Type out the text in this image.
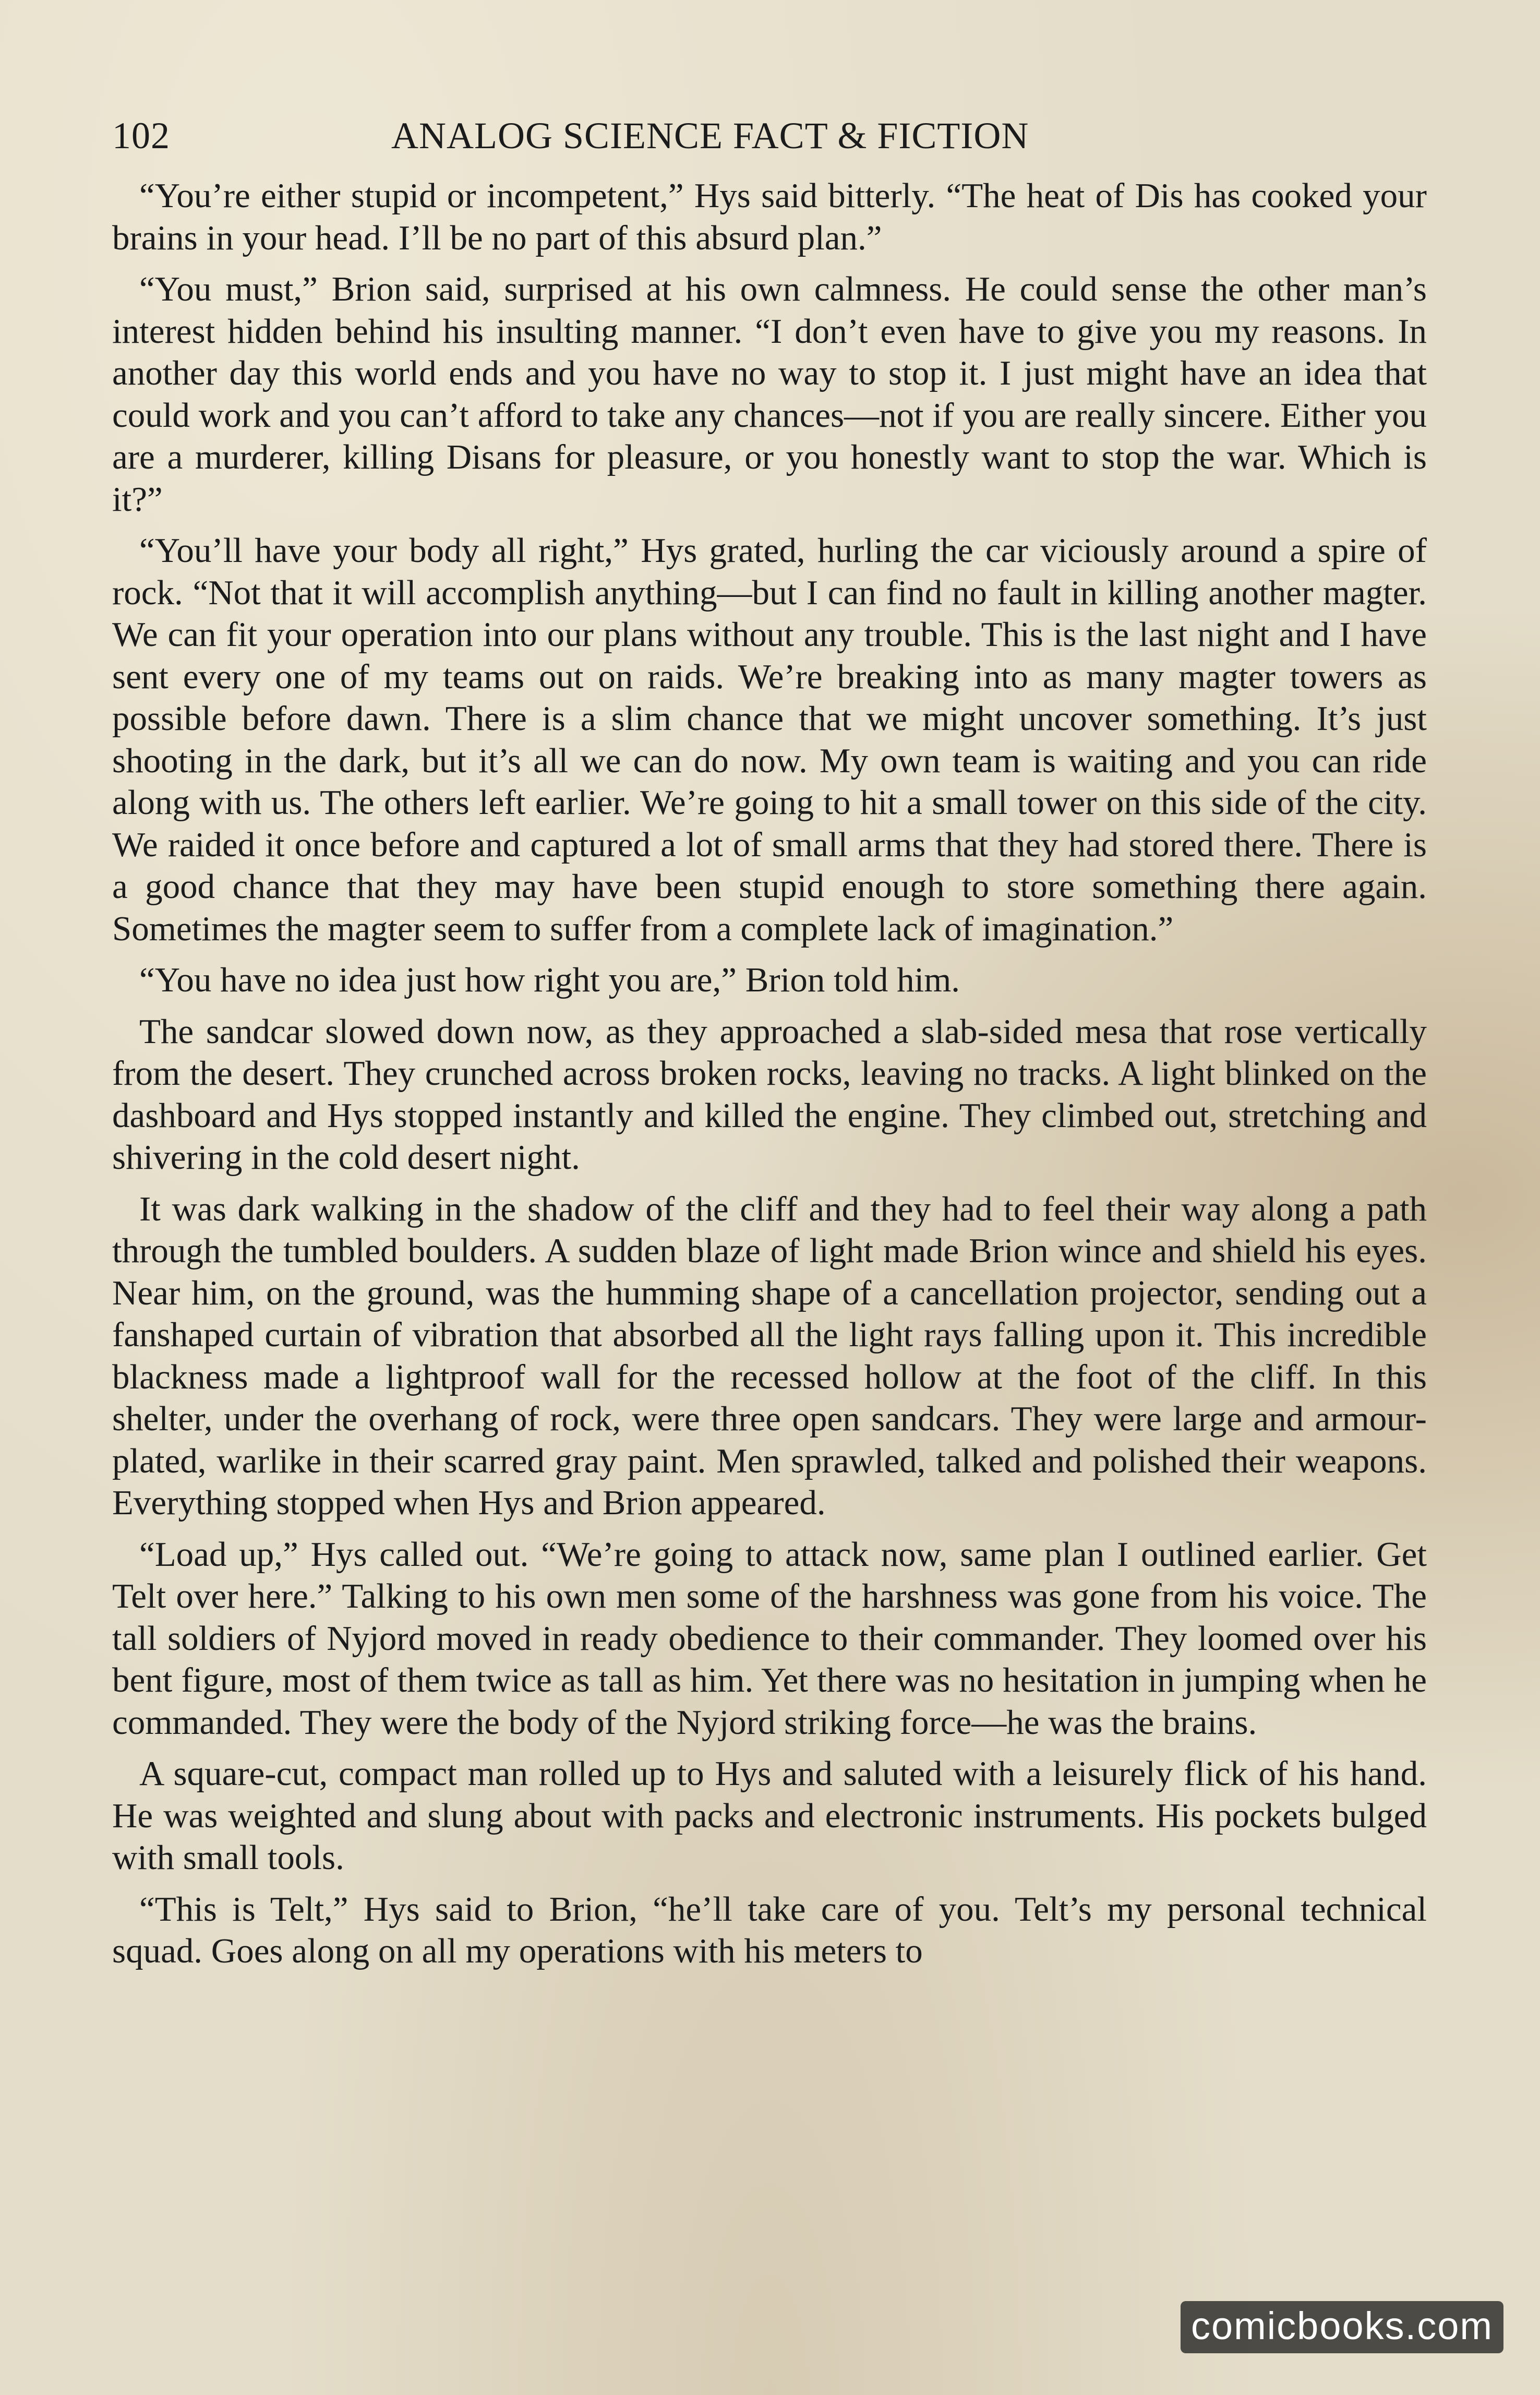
102	ANALOG SCIENCE FACT & FICTION

“You’re either stupid or incompetent,” Hys said bitterly. “The heat of Dis has cooked your brains in your head. I’ll be no part of this absurd plan.”

“You must,” Brion said, surprised at his own calmness. He could sense the other man’s interest hidden behind his insulting manner. “I don’t even have to give you my reasons. In another day this world ends and you have no way to stop it. I just might have an idea that could work and you can’t afford to take any chances—not if you are really sincere. Either you are a murderer, killing Disans for pleasure, or you honestly want to stop the war. Which is it?”

“You’ll have your body all right,” Hys grated, hurling the car viciously around a spire of rock. “Not that it will accomplish anything—but I can find no fault in killing another magter. We can fit your operation into our plans without any trouble. This is the last night and I have sent every one of my teams out on raids. We’re breaking into as many magter towers as possible before dawn. There is a slim chance that we might uncover something. It’s just shooting in the dark, but it’s all we can do now. My own team is waiting and you can ride along with us. The others left earlier. We’re going to hit a small tower on this side of the city. We raided it once before and captured a lot of small arms that they had stored there. There is a good chance that they may have been stupid enough to store something there again. Sometimes the magter seem to suffer from a complete lack of imagination.”

“You have no idea just how right you are,” Brion told him.

The sandcar slowed down now, as they approached a slab-sided mesa that rose vertically from the desert. They crunched across broken rocks, leaving no tracks. A light blinked on the dashboard and Hys stopped instantly and killed the engine. They climbed out, stretching and shivering in the cold desert night.

It was dark walking in the shadow of the cliff and they had to feel their way along a path through the tumbled boulders. A sudden blaze of light made Brion wince and shield his eyes. Near him, on the ground, was the humming shape of a cancellation projector, sending out a fanshaped curtain of vibration that absorbed all the light rays falling upon it. This incredible blackness made a lightproof wall for the recessed hollow at the foot of the cliff. In this shelter, under the overhang of rock, were three open sandcars. They were large and armour-plated, warlike in their scarred gray paint. Men sprawled, talked and polished their weapons. Everything stopped when Hys and Brion appeared.

“Load up,” Hys called out. “We’re going to attack now, same plan I outlined earlier. Get Telt over here.” Talking to his own men some of the harshness was gone from his voice. The tall soldiers of Nyjord moved in ready obedience to their commander. They loomed over his bent figure, most of them twice as tall as him. Yet there was no hesitation in jumping when he commanded. They were the body of the Nyjord striking force—he was the brains.

A square-cut, compact man rolled up to Hys and saluted with a leisurely flick of his hand. He was weighted and slung about with packs and electronic instruments. His pockets bulged with small tools.

“This is Telt,” Hys said to Brion, “he’ll take care of you. Telt’s my personal technical squad. Goes along on all my operations with his meters to

comicbooks.com
